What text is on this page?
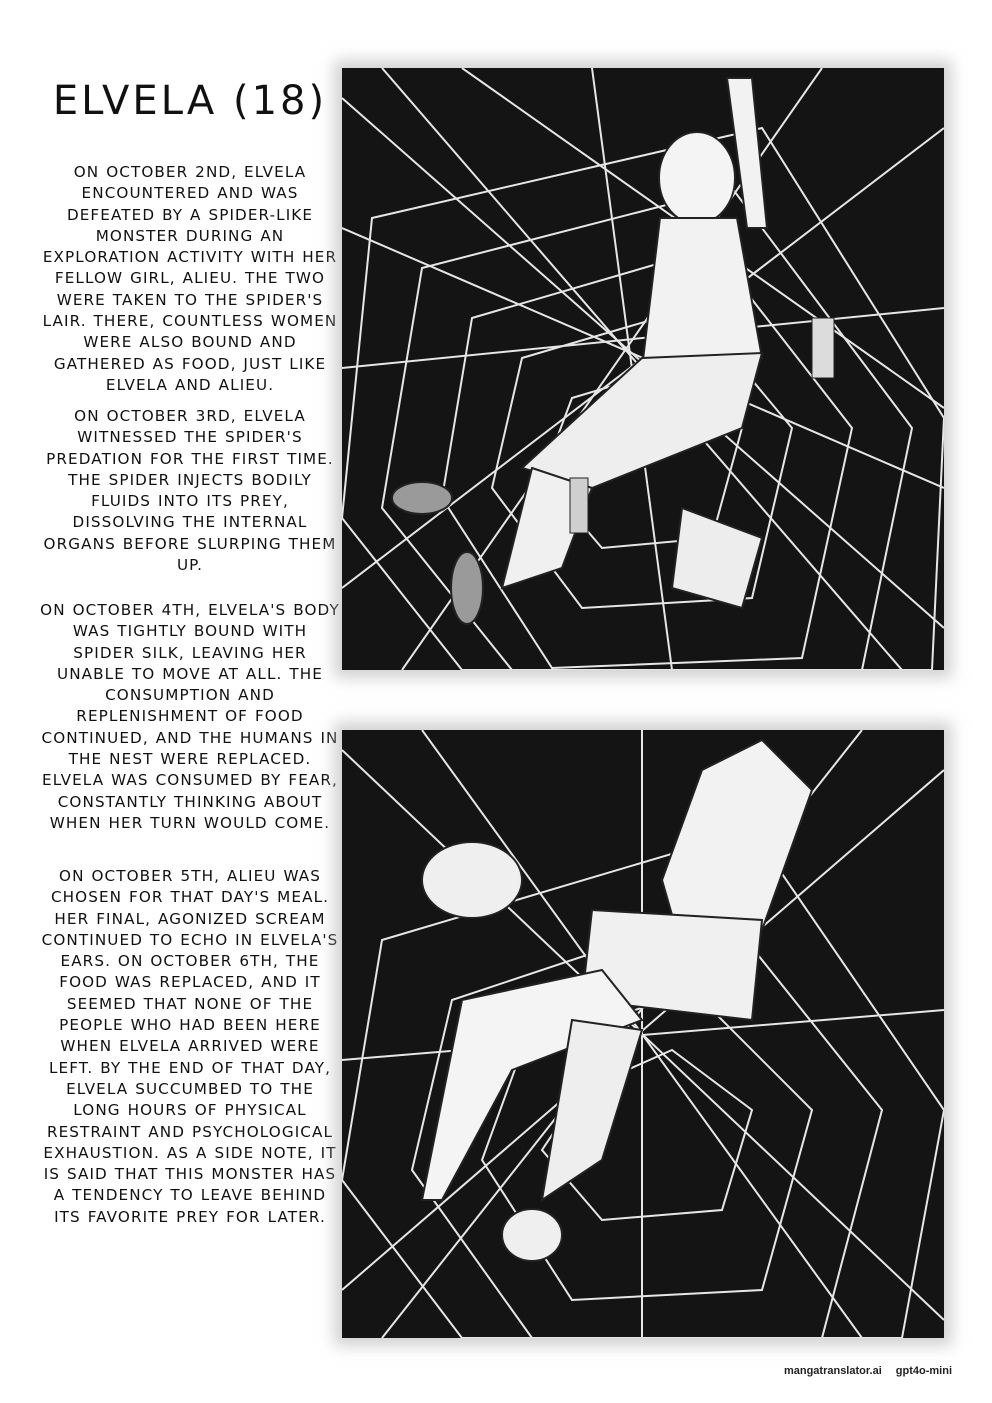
ELVELA (18)

ON OCTOBER 2ND, ELVELA ENCOUNTERED AND WAS DEFEATED BY A SPIDER-LIKE MONSTER DURING AN EXPLORATION ACTIVITY WITH HER FELLOW GIRL, ALIEU. THE TWO WERE TAKEN TO THE SPIDER'S LAIR. THERE, COUNTLESS WOMEN WERE ALSO BOUND AND GATHERED AS FOOD, JUST LIKE ELVELA AND ALIEU.

ON OCTOBER 3RD, ELVELA WITNESSED THE SPIDER'S PREDATION FOR THE FIRST TIME. THE SPIDER INJECTS BODILY FLUIDS INTO ITS PREY, DISSOLVING THE INTERNAL ORGANS BEFORE SLURPING THEM UP.

ON OCTOBER 4TH, ELVELA'S BODY WAS TIGHTLY BOUND WITH SPIDER SILK, LEAVING HER UNABLE TO MOVE AT ALL. THE CONSUMPTION AND REPLENISHMENT OF FOOD CONTINUED, AND THE HUMANS IN THE NEST WERE REPLACED. ELVELA WAS CONSUMED BY FEAR, CONSTANTLY THINKING ABOUT WHEN HER TURN WOULD COME.

ON OCTOBER 5TH, ALIEU WAS CHOSEN FOR THAT DAY'S MEAL. HER FINAL, AGONIZED SCREAM CONTINUED TO ECHO IN ELVELA'S EARS. ON OCTOBER 6TH, THE FOOD WAS REPLACED, AND IT SEEMED THAT NONE OF THE PEOPLE WHO HAD BEEN HERE WHEN ELVELA ARRIVED WERE LEFT. BY THE END OF THAT DAY, ELVELA SUCCUMBED TO THE LONG HOURS OF PHYSICAL RESTRAINT AND PSYCHOLOGICAL EXHAUSTION. AS A SIDE NOTE, IT IS SAID THAT THIS MONSTER HAS A TENDENCY TO LEAVE BEHIND ITS FAVORITE PREY FOR LATER.

mangatranslator.ai gpt4o-mini
